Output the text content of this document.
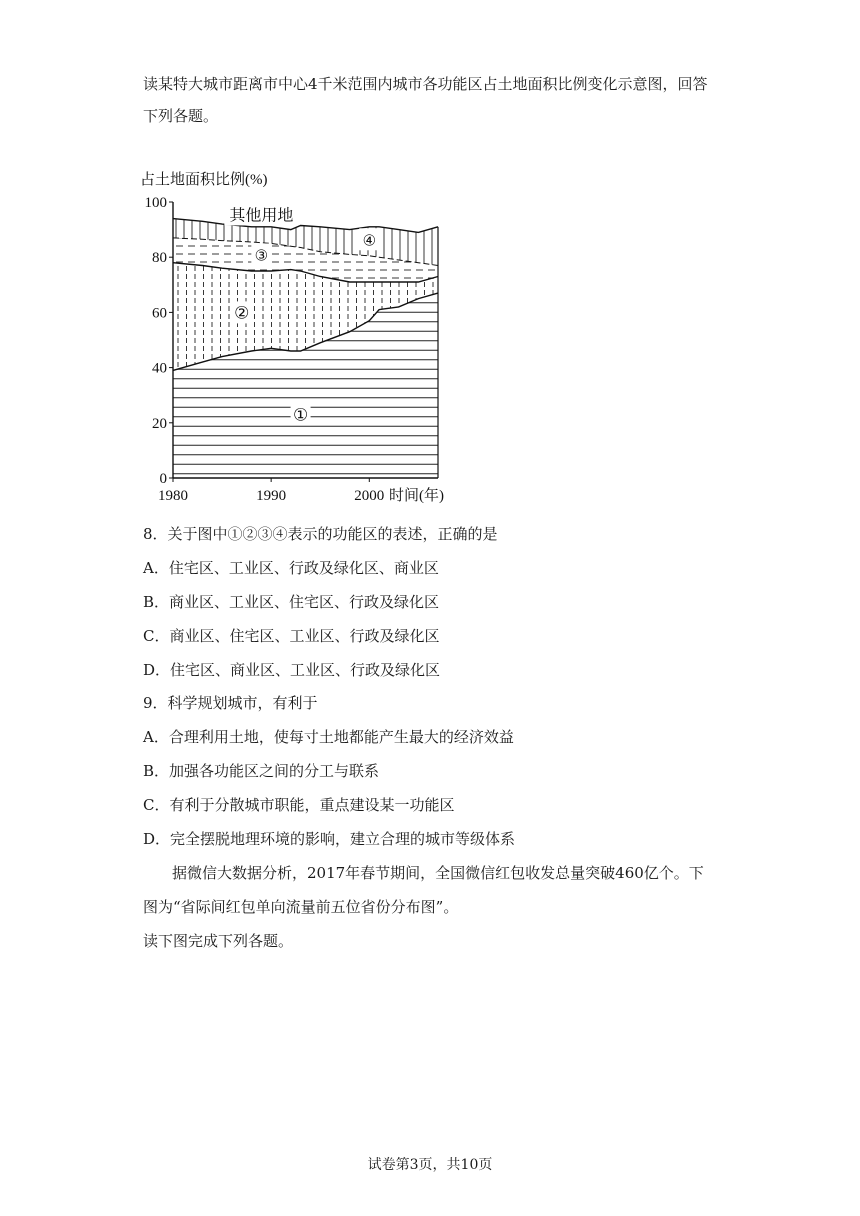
读某特大城市距离市中心4千米范围内城市各功能区占土地面积比例变化示意图，回答
下列各题。
占土地面积比例(%)
0
20
40
60
80
100
1980	1990	2000 时间(年)
①
②
③
④
其他用地
8．关于图中①②③④表示的功能区的表述，正确的是
A．住宅区、工业区、行政及绿化区、商业区
B．商业区、工业区、住宅区、行政及绿化区
C．商业区、住宅区、工业区、行政及绿化区
D．住宅区、商业区、工业区、行政及绿化区
9．科学规划城市，有利于
A．合理利用土地，使每寸土地都能产生最大的经济效益
B．加强各功能区之间的分工与联系
C．有利于分散城市职能，重点建设某一功能区
D．完全摆脱地理环境的影响，建立合理的城市等级体系
据微信大数据分析，2017年春节期间，全国微信红包收发总量突破460亿个。下
图为“省际间红包单向流量前五位省份分布图”。
读下图完成下列各题。
试卷第3页，共10页
